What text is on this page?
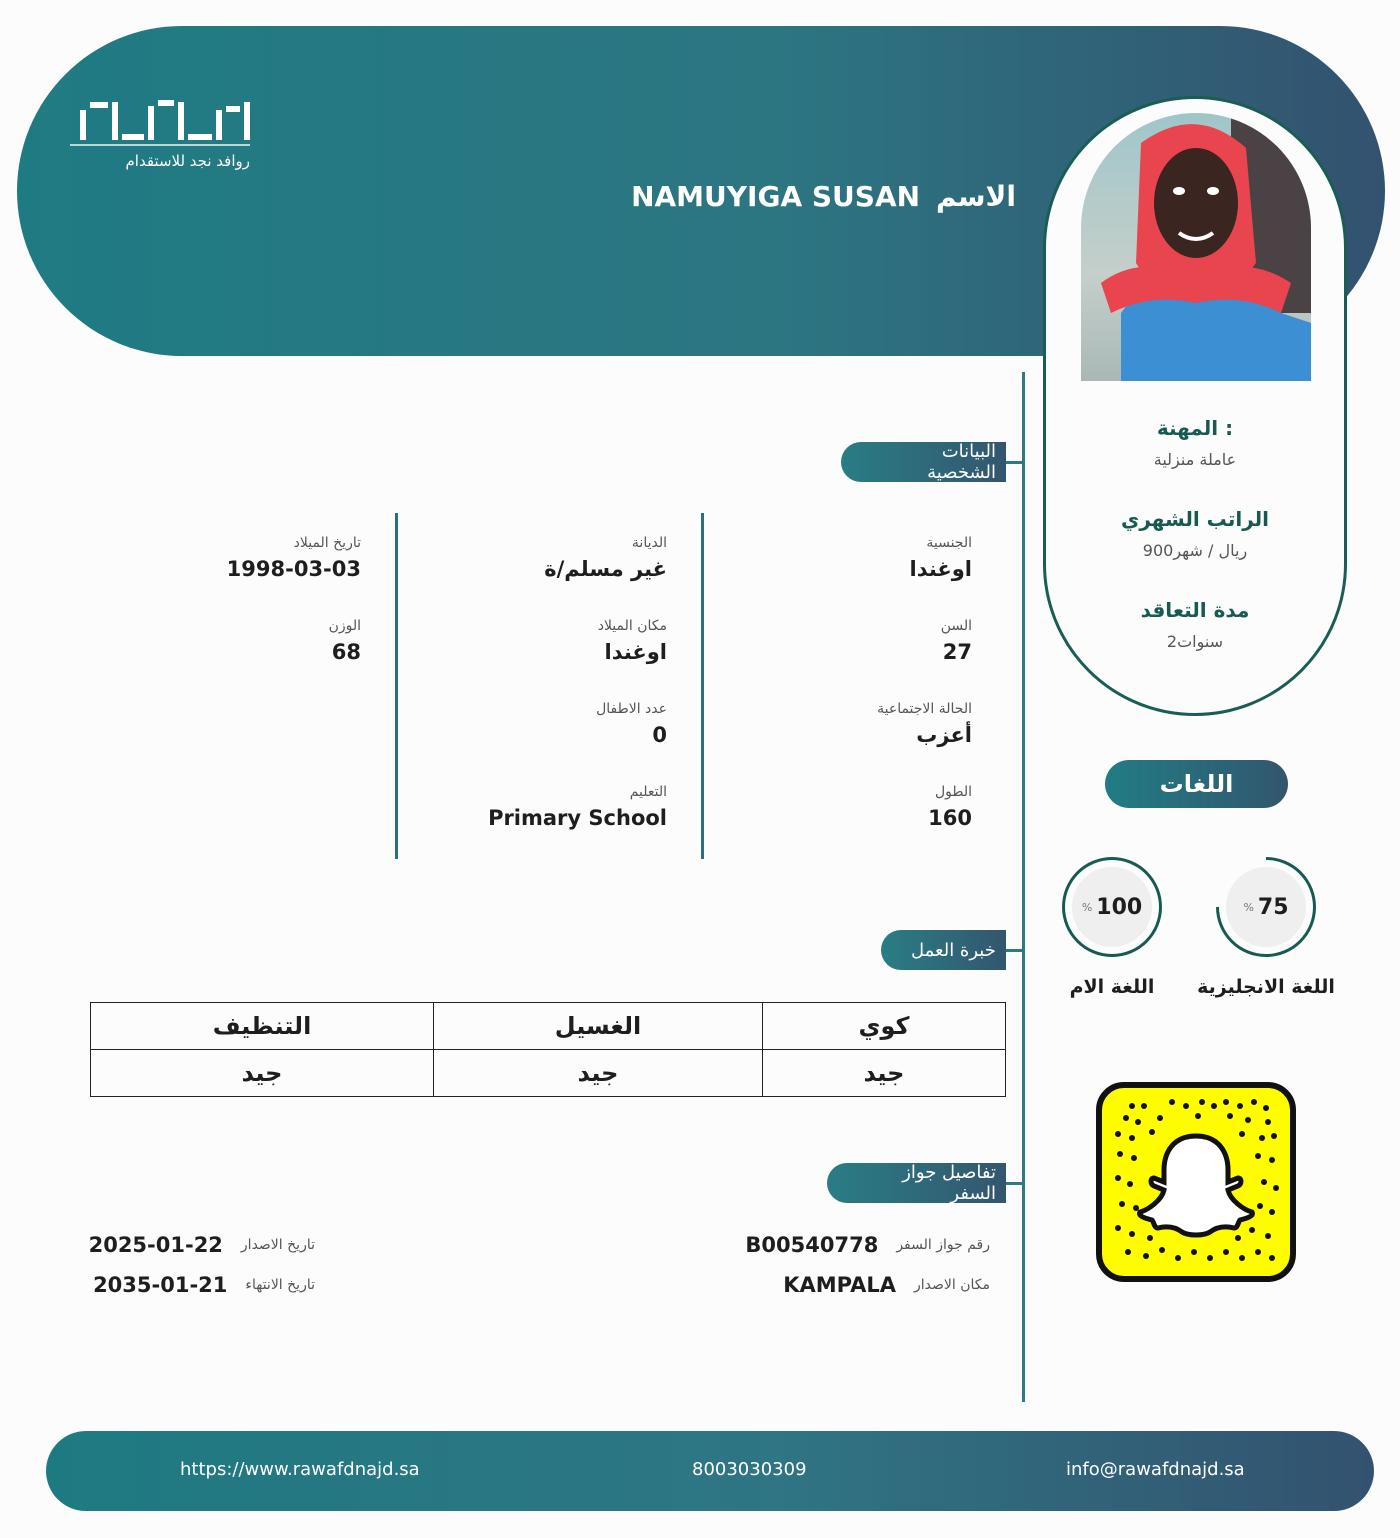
روافد نجد للاستقدام
الاسم
NAMUYIGA SUSAN
المهنة :
عاملة منزلية
الراتب الشهري
900ريال / شهر
مدة التعاقد
2سنوات
البيانات الشخصية
الجنسية
اوغندا
السن
27
الحالة الاجتماعية
أعزب
الطول
160
الديانة
غير مسلم/ة
مكان الميلاد
اوغندا
عدد الاطفال
0
التعليم
Primary School
تاريخ الميلاد
1998-03-03
الوزن
68
خبرة العمل
كوي	الغسيل	التنظيف
جيد	جيد	جيد
تفاصيل جواز السفر
رقم جواز السفر
B00540778
مكان الاصدار
KAMPALA
تاريخ الاصدار
2025-01-22
تاريخ الانتهاء
2035-01-21
اللغات
75
%
اللغة الانجليزية
100
%
اللغة الام
https://www.rawafdnajd.sa	8003030309	info@rawafdnajd.sa
